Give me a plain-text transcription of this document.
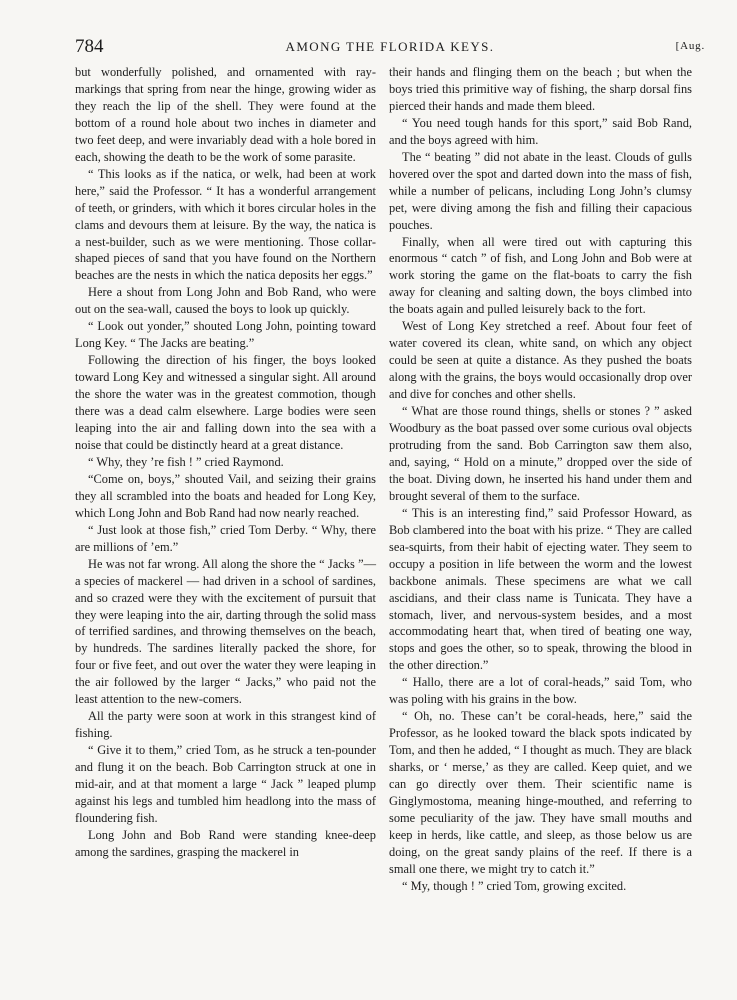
784	AMONG THE FLORIDA KEYS.	[Aug.

but wonderfully polished, and ornamented with ray-markings that spring from near the hinge, growing wider as they reach the lip of the shell. They were found at the bottom of a round hole about two inches in diameter and two feet deep, and were invariably dead with a hole bored in each, showing the death to be the work of some parasite.

“ This looks as if the natica, or welk, had been at work here,” said the Professor. “ It has a wonderful arrangement of teeth, or grinders, with which it bores circular holes in the clams and devours them at leisure. By the way, the natica is a nest-builder, such as we were mentioning. Those collar-shaped pieces of sand that you have found on the Northern beaches are the nests in which the natica deposits her eggs.”

Here a shout from Long John and Bob Rand, who were out on the sea-wall, caused the boys to look up quickly.

“ Look out yonder,” shouted Long John, pointing toward Long Key. “ The Jacks are beating.”

Following the direction of his finger, the boys looked toward Long Key and witnessed a singular sight. All around the shore the water was in the greatest commotion, though there was a dead calm elsewhere. Large bodies were seen leaping into the air and falling down into the sea with a noise that could be distinctly heard at a great distance.

“ Why, they ’re fish ! ” cried Raymond.

“Come on, boys,” shouted Vail, and seizing their grains they all scrambled into the boats and headed for Long Key, which Long John and Bob Rand had now nearly reached.

“ Just look at those fish,” cried Tom Derby. “ Why, there are millions of ’em.”

He was not far wrong. All along the shore the “ Jacks ”— a species of mackerel — had driven in a school of sardines, and so crazed were they with the excitement of pursuit that they were leaping into the air, darting through the solid mass of terrified sardines, and throwing themselves on the beach, by hundreds. The sardines literally packed the shore, for four or five feet, and out over the water they were leaping in the air followed by the larger “ Jacks,” who paid not the least attention to the new-comers.

All the party were soon at work in this strangest kind of fishing.

“ Give it to them,” cried Tom, as he struck a ten-pounder and flung it on the beach. Bob Carrington struck at one in mid-air, and at that moment a large “ Jack ” leaped plump against his legs and tumbled him headlong into the mass of floundering fish.

Long John and Bob Rand were standing knee-deep among the sardines, grasping the mackerel in

their hands and flinging them on the beach ; but when the boys tried this primitive way of fishing, the sharp dorsal fins pierced their hands and made them bleed.

“ You need tough hands for this sport,” said Bob Rand, and the boys agreed with him.

The “ beating ” did not abate in the least. Clouds of gulls hovered over the spot and darted down into the mass of fish, while a number of pelicans, including Long John’s clumsy pet, were diving among the fish and filling their capacious pouches.

Finally, when all were tired out with capturing this enormous “ catch ” of fish, and Long John and Bob were at work storing the game on the flat-boats to carry the fish away for cleaning and salting down, the boys climbed into the boats again and pulled leisurely back to the fort.

West of Long Key stretched a reef. About four feet of water covered its clean, white sand, on which any object could be seen at quite a distance. As they pushed the boats along with the grains, the boys would occasionally drop over and dive for conches and other shells.

“ What are those round things, shells or stones ? ” asked Woodbury as the boat passed over some curious oval objects protruding from the sand. Bob Carrington saw them also, and, saying, “ Hold on a minute,” dropped over the side of the boat. Diving down, he inserted his hand under them and brought several of them to the surface.

“ This is an interesting find,” said Professor Howard, as Bob clambered into the boat with his prize. “ They are called sea-squirts, from their habit of ejecting water. They seem to occupy a position in life between the worm and the lowest backbone animals. These specimens are what we call ascidians, and their class name is Tunicata. They have a stomach, liver, and nervous-system besides, and a most accommodating heart that, when tired of beating one way, stops and goes the other, so to speak, throwing the blood in the other direction.”

“ Hallo, there are a lot of coral-heads,” said Tom, who was poling with his grains in the bow.

“ Oh, no. These can’t be coral-heads, here,” said the Professor, as he looked toward the black spots indicated by Tom, and then he added, “ I thought as much. They are black sharks, or ‘ merse,’ as they are called. Keep quiet, and we can go directly over them. Their scientific name is Ginglymostoma, meaning hinge-mouthed, and referring to some peculiarity of the jaw. They have small mouths and keep in herds, like cattle, and sleep, as those below us are doing, on the great sandy plains of the reef. If there is a small one there, we might try to catch it.”

“ My, though ! ” cried Tom, growing excited.
